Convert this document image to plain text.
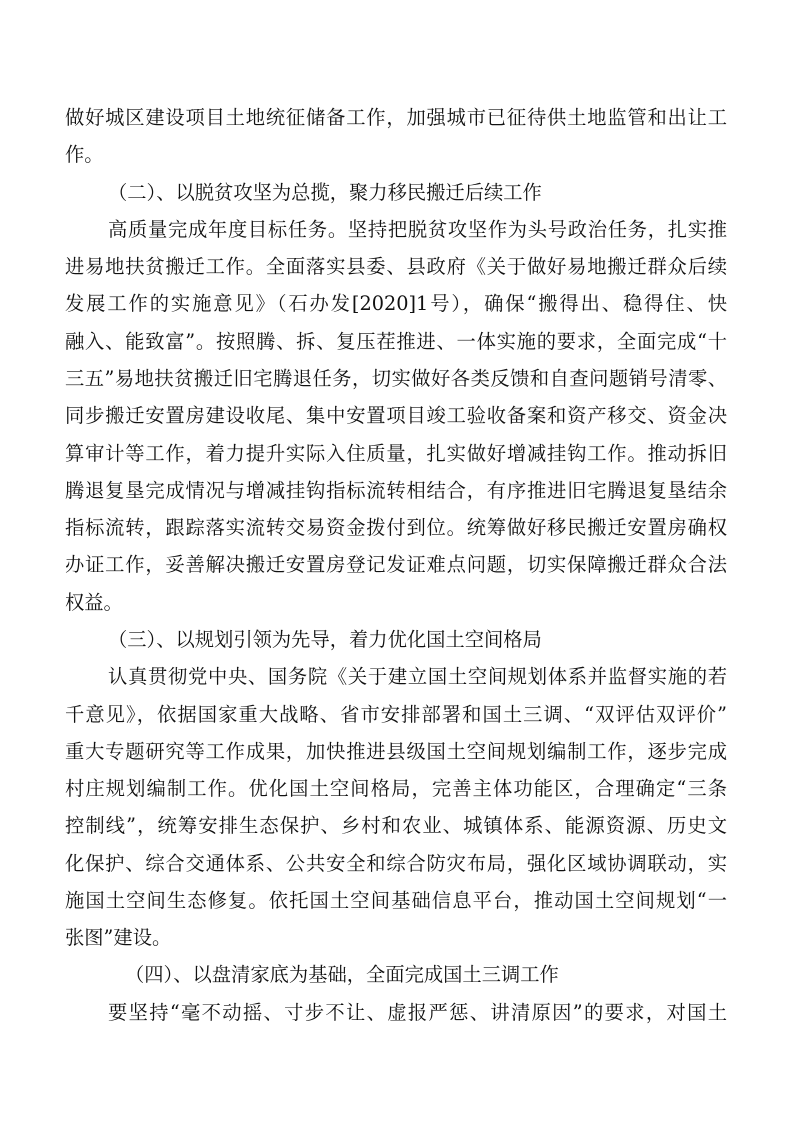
做好城区建设项目土地统征储备工作，加强城市已征待供土地监管和出让工
作。
（二）、以脱贫攻坚为总揽，聚力移民搬迁后续工作
高质量完成年度目标任务。坚持把脱贫攻坚作为头号政治任务，扎实推
进易地扶贫搬迁工作。全面落实县委、县政府《关于做好易地搬迁群众后续
发展工作的实施意见》（石办发[2020]1号），确保“搬得出、稳得住、快
融入、能致富”。按照腾、拆、复压茬推进、一体实施的要求，全面完成“十
三五”易地扶贫搬迁旧宅腾退任务，切实做好各类反馈和自查问题销号清零、
同步搬迁安置房建设收尾、集中安置项目竣工验收备案和资产移交、资金决
算审计等工作，着力提升实际入住质量，扎实做好增减挂钩工作。推动拆旧
腾退复垦完成情况与增减挂钩指标流转相结合，有序推进旧宅腾退复垦结余
指标流转，跟踪落实流转交易资金拨付到位。统筹做好移民搬迁安置房确权
办证工作，妥善解决搬迁安置房登记发证难点问题，切实保障搬迁群众合法
权益。
（三）、以规划引领为先导，着力优化国土空间格局
认真贯彻党中央、国务院《关于建立国土空间规划体系并监督实施的若
千意见》，依据国家重大战略、省市安排部署和国土三调、“双评估双评价”
重大专题研究等工作成果，加快推进县级国土空间规划编制工作，逐步完成
村庄规划编制工作。优化国土空间格局，完善主体功能区，合理确定“三条
控制线”，统筹安排生态保护、乡村和农业、城镇体系、能源资源、历史文
化保护、综合交通体系、公共安全和综合防灾布局，强化区域协调联动，实
施国土空间生态修复。依托国土空间基础信息平台，推动国土空间规划“一
张图”建设。
（四）、以盘清家底为基础，全面完成国土三调工作
要坚持“毫不动摇、寸步不让、虚报严惩、讲清原因”的要求，对国土
